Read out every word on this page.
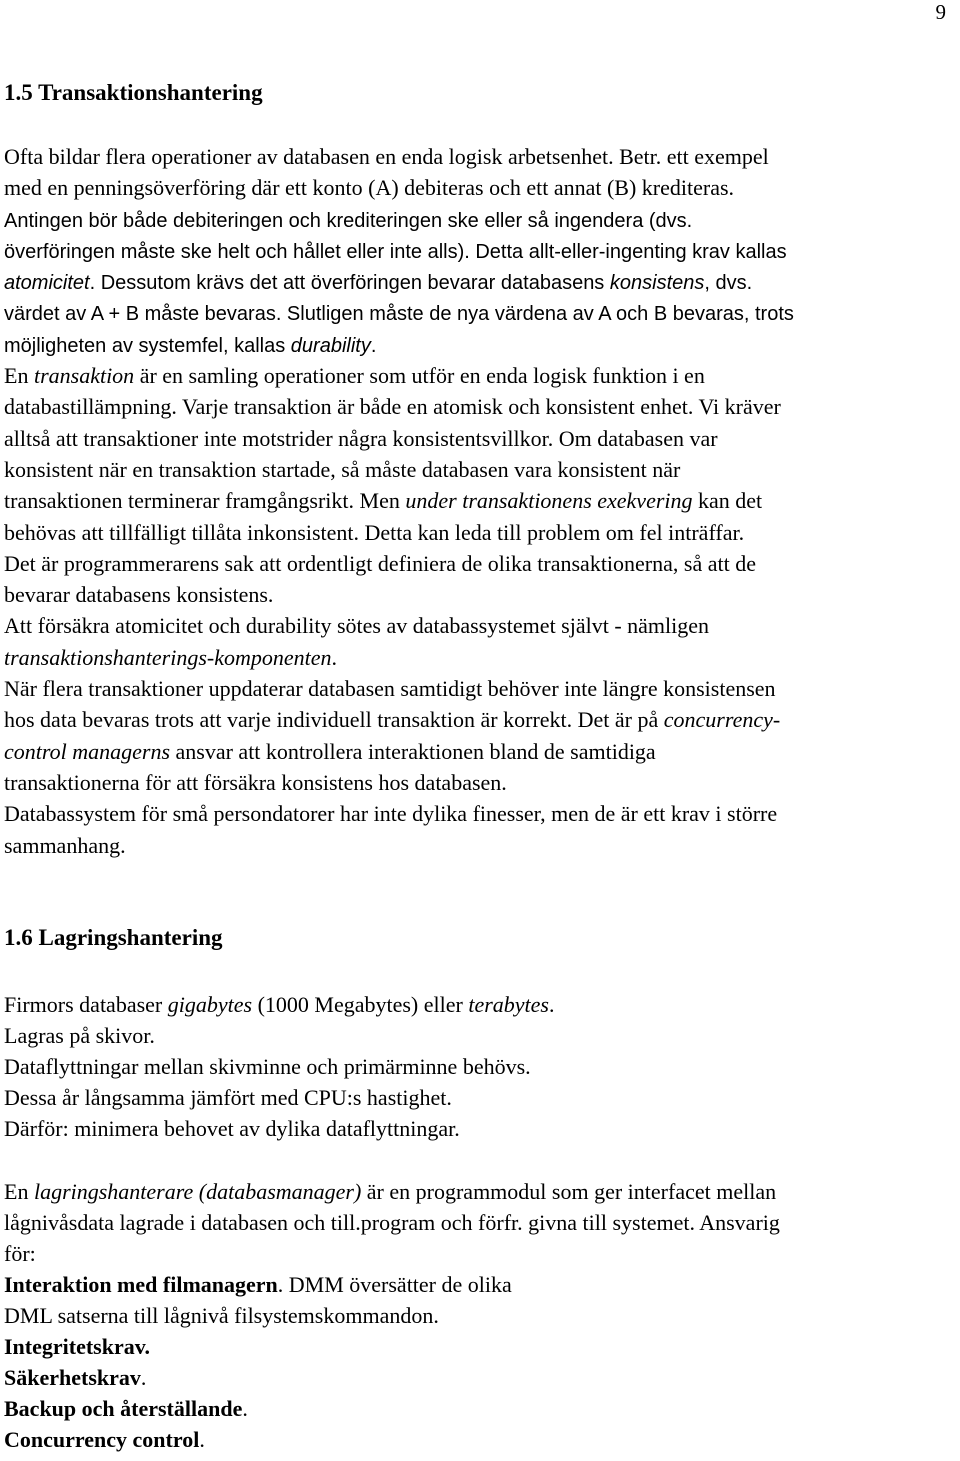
9
1.5 Transaktionshantering
Ofta bildar flera operationer av databasen en enda logisk arbetsenhet. Betr. ett exempel
med en penningsöverföring där ett konto (A) debiteras och ett annat (B) krediteras.
Antingen bör både debiteringen och krediteringen ske eller så ingendera (dvs.
överföringen måste ske helt och hållet eller inte alls). Detta allt-eller-ingenting krav kallas
atomicitet. Dessutom krävs det att överföringen bevarar databasens konsistens, dvs.
värdet av A + B måste bevaras. Slutligen måste de nya värdena av A och B bevaras, trots
möjligheten av systemfel, kallas durability.
En transaktion är en samling operationer som utför en enda logisk funktion i en
databastillämpning. Varje transaktion är både en atomisk och konsistent enhet. Vi kräver
alltså att transaktioner inte motstrider några konsistentsvillkor. Om databasen var
konsistent när en transaktion startade, så måste databasen vara konsistent när
transaktionen terminerar framgångsrikt. Men under transaktionens exekvering kan det
behövas att tillfälligt tillåta inkonsistent. Detta kan leda till problem om fel inträffar.
Det är programmerarens sak att ordentligt definiera de olika transaktionerna, så att de
bevarar databasens konsistens.
Att försäkra atomicitet och durability sötes av databassystemet självt - nämligen
transaktionshanterings-komponenten.
När flera transaktioner uppdaterar databasen samtidigt behöver inte längre konsistensen
hos data bevaras trots att varje individuell transaktion är korrekt. Det är på concurrency-
control managerns ansvar att kontrollera interaktionen bland de samtidiga
transaktionerna för att försäkra konsistens hos databasen.
Databassystem för små persondatorer har inte dylika finesser, men de är ett krav i större
sammanhang.
1.6 Lagringshantering
Firmors databaser gigabytes (1000 Megabytes) eller terabytes.
Lagras på skivor.
Dataflyttningar mellan skivminne och primärminne behövs.
Dessa år långsamma jämfört med CPU:s hastighet.
Därför: minimera behovet av dylika dataflyttningar.
En lagringshanterare (databasmanager) är en programmodul som ger interfacet mellan
lågnivåsdata lagrade i databasen och till.program och förfr. givna till systemet. Ansvarig
för:
Interaktion med filmanagern. DMM översätter de olika
DML satserna till lågnivå filsystemskommandon.
Integritetskrav.
Säkerhetskrav.
Backup och återställande.
Concurrency control.
